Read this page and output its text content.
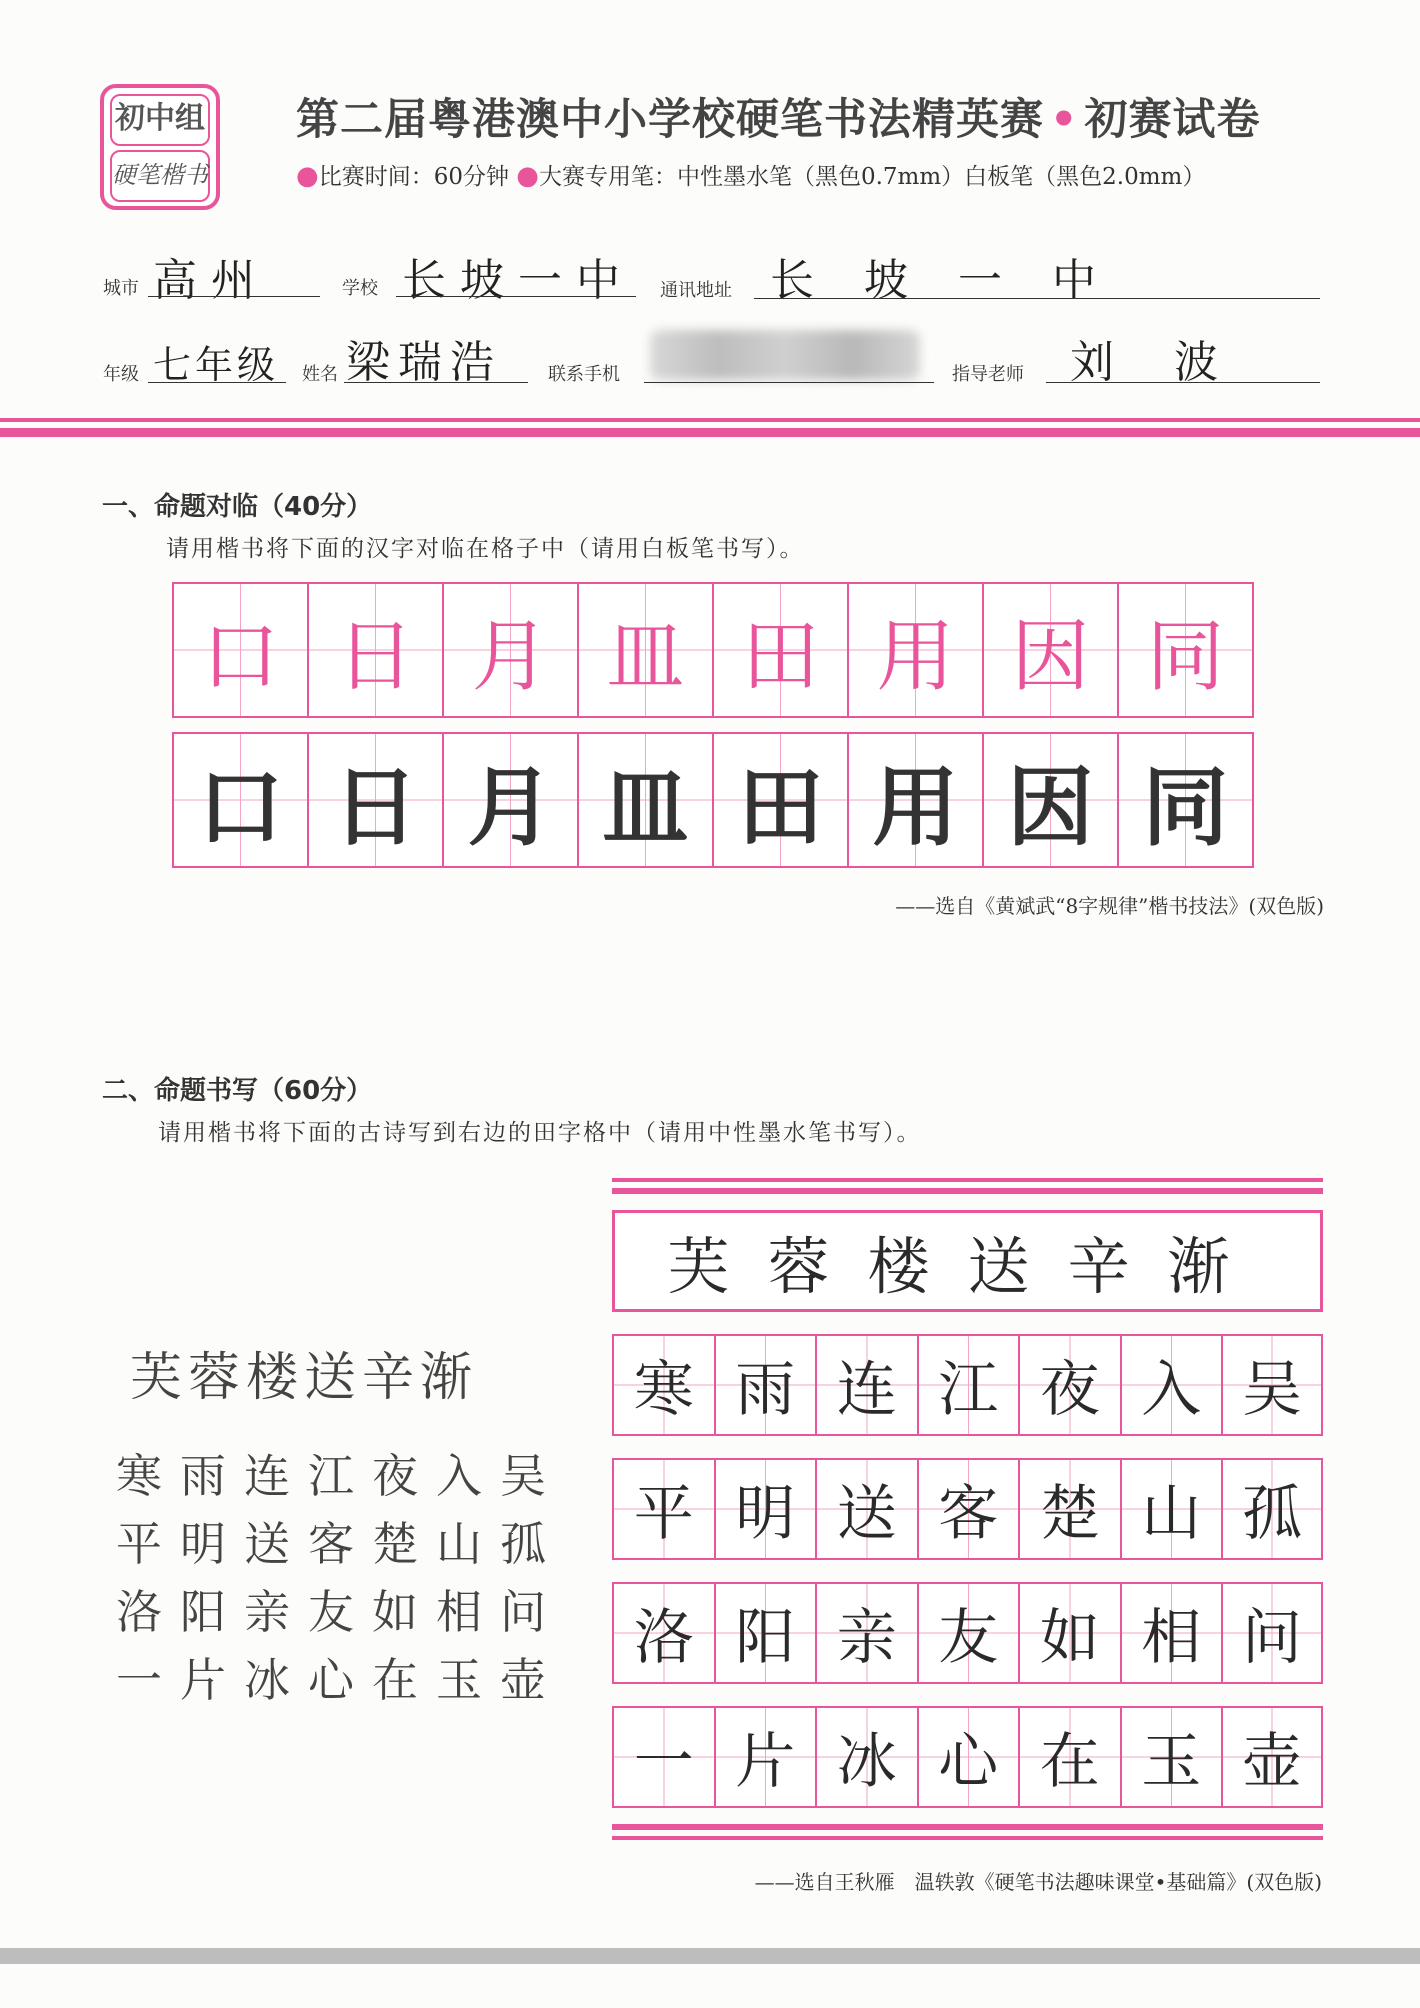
初中组
硬笔楷书
第二届粤港澳中小学校硬笔书法精英赛 • 初赛试卷
●比赛时间：60分钟 ●大赛专用笔：中性墨水笔（黑色0.7mm）白板笔（黑色2.0mm）
城市 高州	学校 长坡一中 通讯地址 长坡一中
年级 七年级 姓名 梁瑞浩	联系手机	指导老师 刘波
一、命题对临（40分）
请用楷书将下面的汉字对临在格子中（请用白板笔书写）。
口 日 月 皿 田 用 因 同
口 日 月 皿 田 用 因 同
——选自《黄斌武“8字规律”楷书技法》(双色版)
二、命题书写（60分）
请用楷书将下面的古诗写到右边的田字格中（请用中性墨水笔书写）。
芙蓉楼送辛渐
寒雨连江夜入吴
平明送客楚山孤
洛阳亲友如相问
一片冰心在玉壶
芙蓉楼送辛渐
寒 雨 连 江 夜 入 吴
平 明 送 客 楚 山 孤
洛 阳 亲 友 如 相 问
一 片 冰 心 在 玉 壶
——选自王秋雁　温轶敦《硬笔书法趣味课堂•基础篇》(双色版)
